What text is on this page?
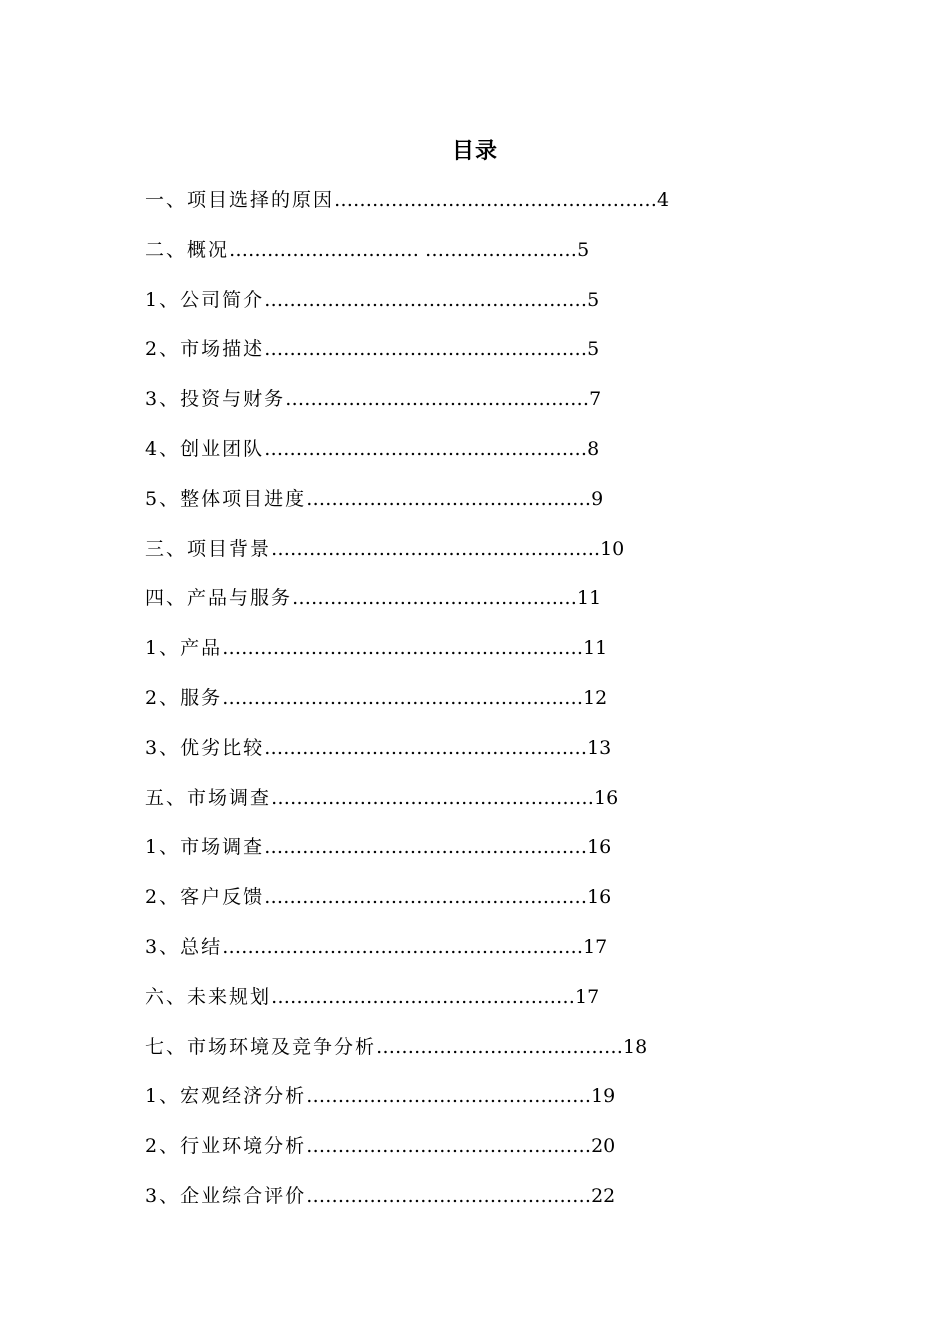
目录
一、项目选择的原因……………………………………………4
二、概况………………………… ……………………5
1、公司简介……………………………………………5
2、市场描述……………………………………………5
3、投资与财务…………………………………………7
4、创业团队……………………………………………8
5、整体项目进度………………………………………9
三、项目背景…………………………………………….10
四、产品与服务………………………………………11
1、产品…………………………………………………11
2、服务…………………………………………………12
3、优劣比较……………………………………………13
五、市场调查……………………………………………16
1、市场调查……………………………………………16
2、客户反馈……………………………………………16
3、总结…………………………………………………17
六、未来规划…………………………………………17
七、市场环境及竞争分析…………………………………18
1、宏观经济分析………………………………………19
2、行业环境分析………………………………………20
3、企业综合评价………………………………………22
